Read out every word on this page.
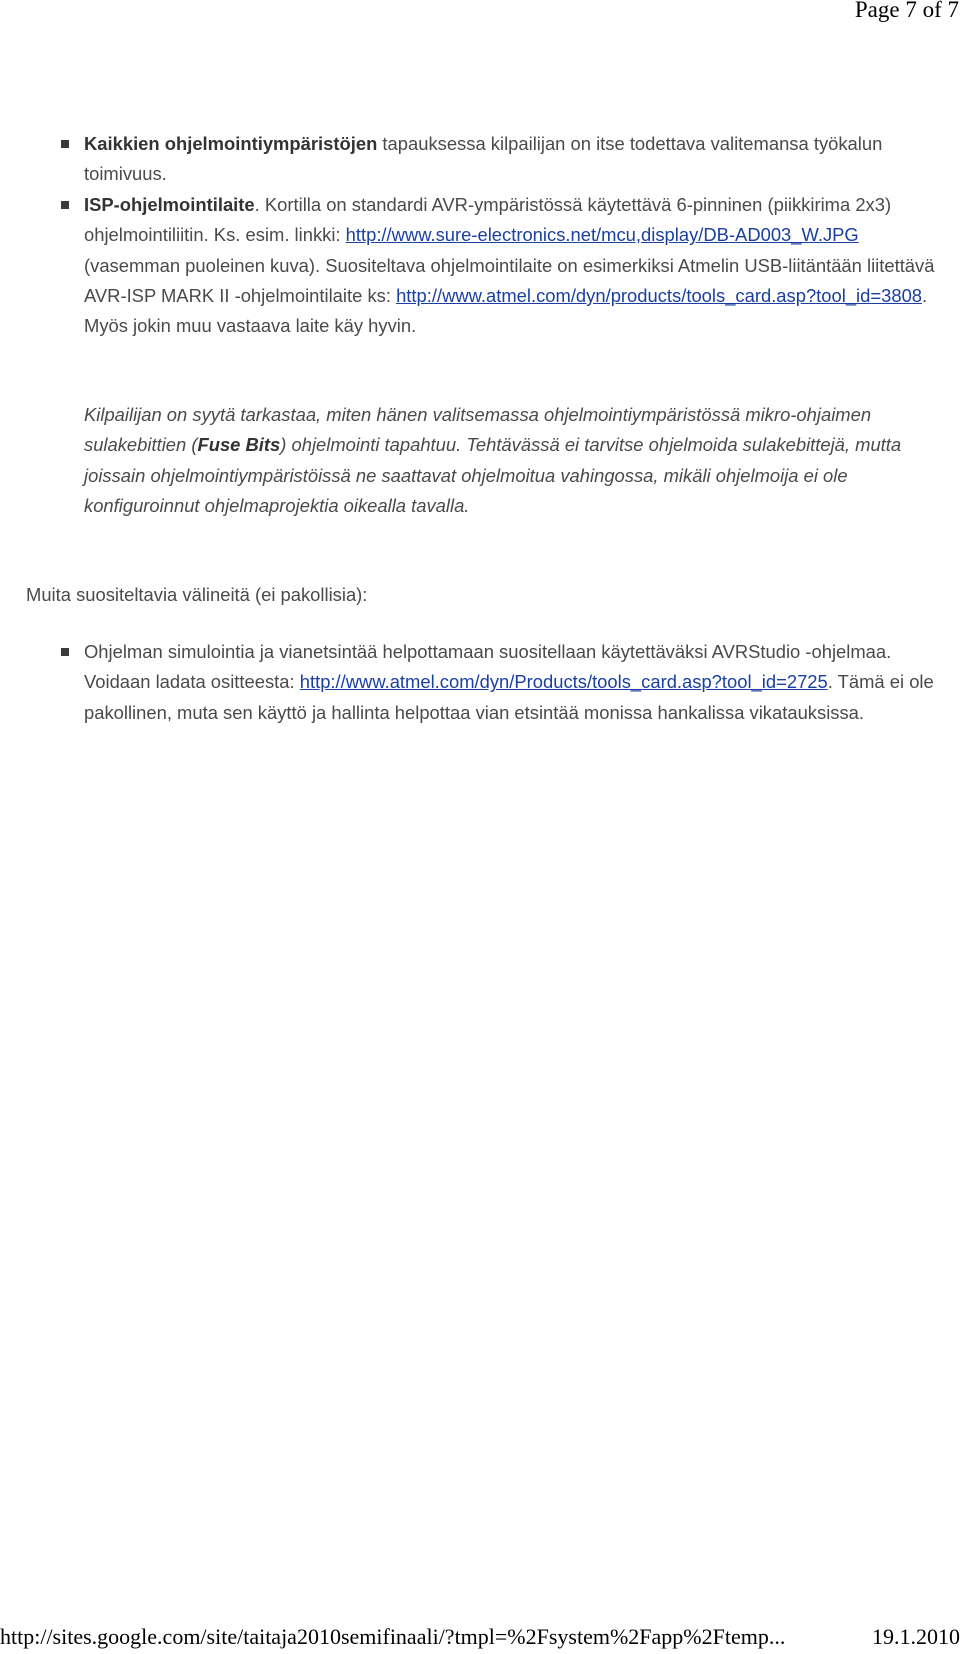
Page 7 of 7
Kaikkien ohjelmointiympäristöjen tapauksessa kilpailijan on itse todettava valitemansa työkalun toimivuus.
ISP-ohjelmointilaite. Kortilla on standardi AVR-ympäristössä käytettävä 6-pinninen (piikkirima 2x3) ohjelmointiliitin. Ks. esim. linkki: http://www.sure-electronics.net/mcu,display/DB-AD003_W.JPG (vasemman puoleinen kuva). Suositeltava ohjelmointilaite on esimerkiksi Atmelin USB-liitäntään liitettävä AVR-ISP MARK II -ohjelmointilaite ks: http://www.atmel.com/dyn/products/tools_card.asp?tool_id=3808. Myös jokin muu vastaava laite käy hyvin.

Kilpailijan on syytä tarkastaa, miten hänen valitsemassa ohjelmointiympäristössä mikro-ohjaimen sulakebittien (Fuse Bits) ohjelmointi tapahtuu. Tehtävässä ei tarvitse ohjelmoida sulakebittejä, mutta joissain ohjelmointiympäristöissä ne saattavat ohjelmoitua vahingossa, mikäli ohjelmoija ei ole konfiguroinnut ohjelmaprojektia oikealla tavalla.

Muita suositeltavia välineitä (ei pakollisia):

Ohjelman simulointia ja vianetsintää helpottamaan suositellaan käytettäväksi AVRStudio -ohjelmaa. Voidaan ladata ositteesta: http://www.atmel.com/dyn/Products/tools_card.asp?tool_id=2725. Tämä ei ole pakollinen, muta sen käyttö ja hallinta helpottaa vian etsintää monissa hankalissa vikatauksissa.
http://sites.google.com/site/taitaja2010semifinaali/?tmpl=%2Fsystem%2Fapp%2Ftemp...	19.1.2010
